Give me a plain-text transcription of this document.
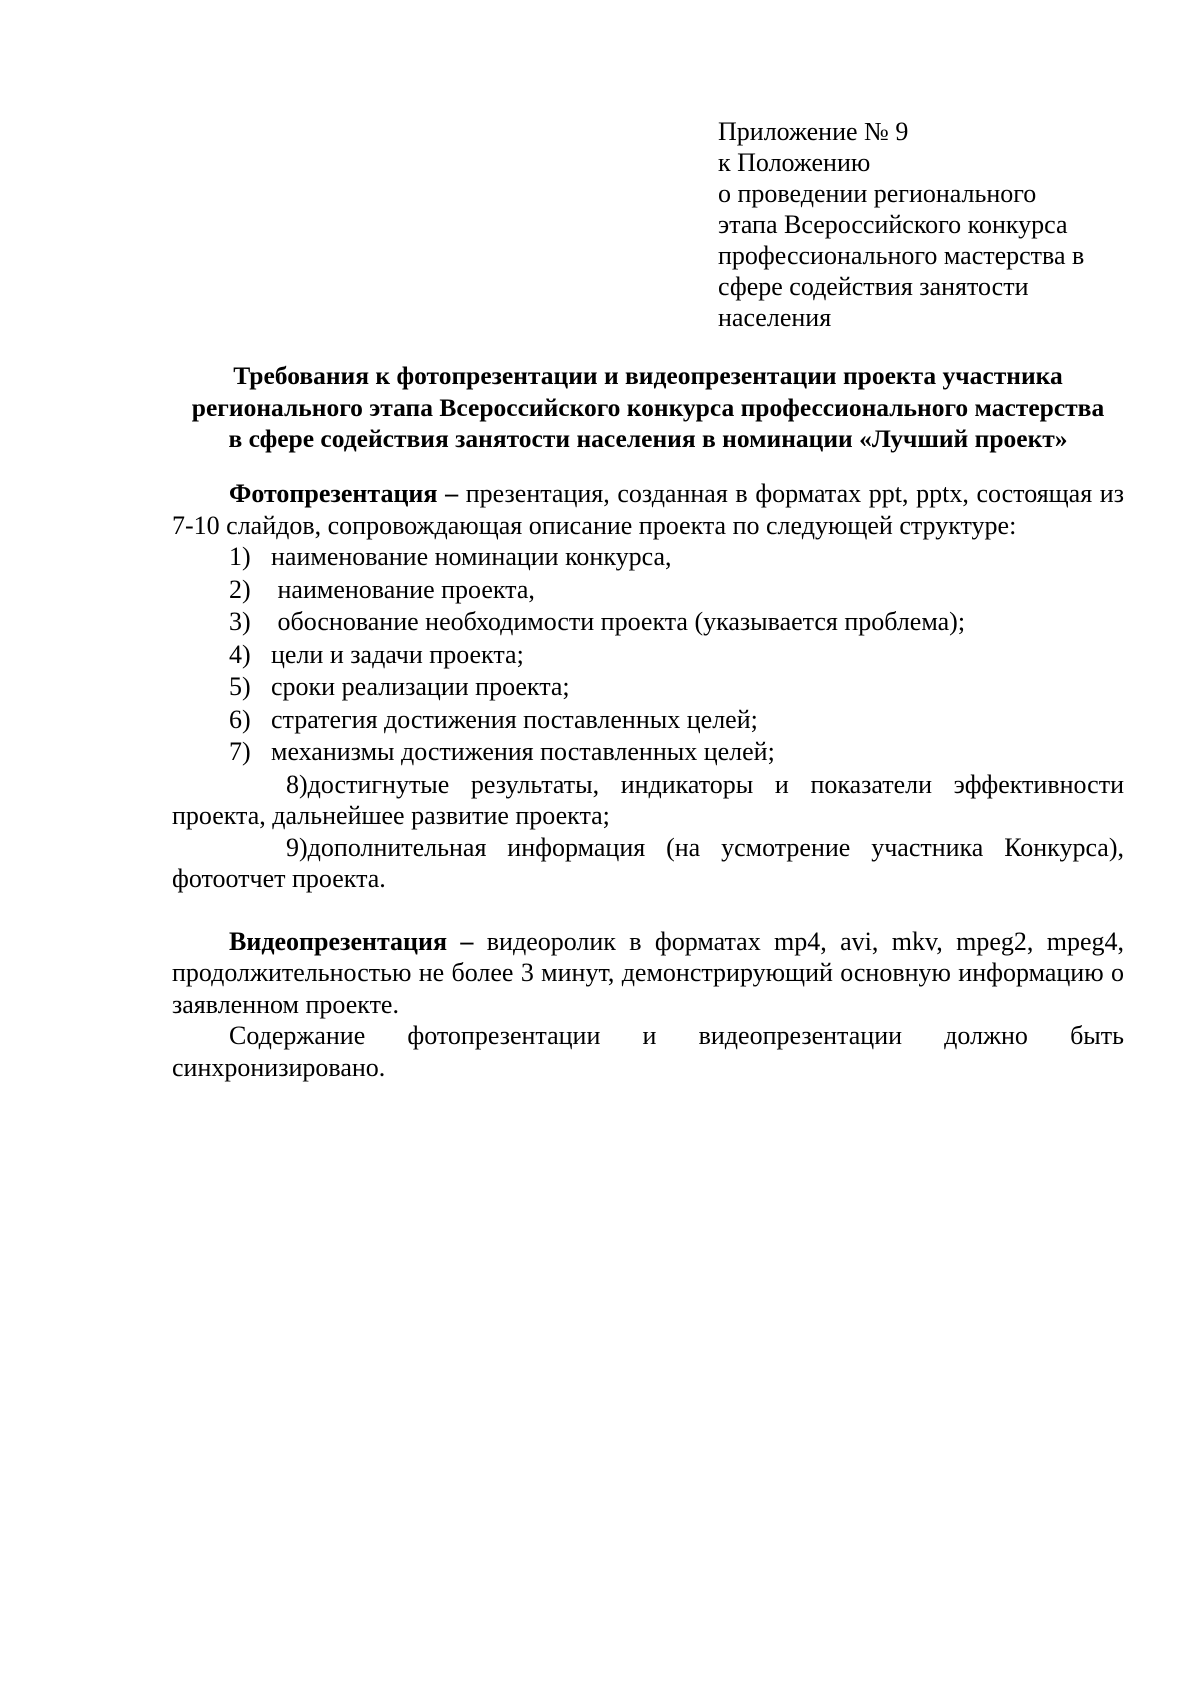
Приложение № 9
к Положению
о проведении регионального
этапа Всероссийского конкурса
профессионального мастерства в
сфере содействия занятости
населения
Требования к фотопрезентации и видеопрезентации проекта участника
регионального этапа Всероссийского конкурса профессионального мастерства
в сфере содействия занятости населения в номинации «Лучший проект»

Фотопрезентация – презентация, созданная в форматах ppt, pptx, состоящая из 7-10 слайдов, сопровождающая описание проекта по следующей структуре:

1) наименование номинации конкурса,
2) наименование проекта,
3) обоснование необходимости проекта (указывается проблема);
4) цели и задачи проекта;
5) сроки реализации проекта;
6) стратегия достижения поставленных целей;
7) механизмы достижения поставленных целей;
8)достигнутые результаты, индикаторы и показатели эффективности проекта, дальнейшее развитие проекта;
9)дополнительная информация (на усмотрение участника Конкурса), фотоотчет проекта.

Видеопрезентация – видеоролик в форматах mp4, avi, mkv, mpeg2, mpeg4, продолжительностью не более 3 минут, демонстрирующий основную информацию о заявленном проекте.

Содержание фотопрезентации и видеопрезентации должно быть синхронизировано.
